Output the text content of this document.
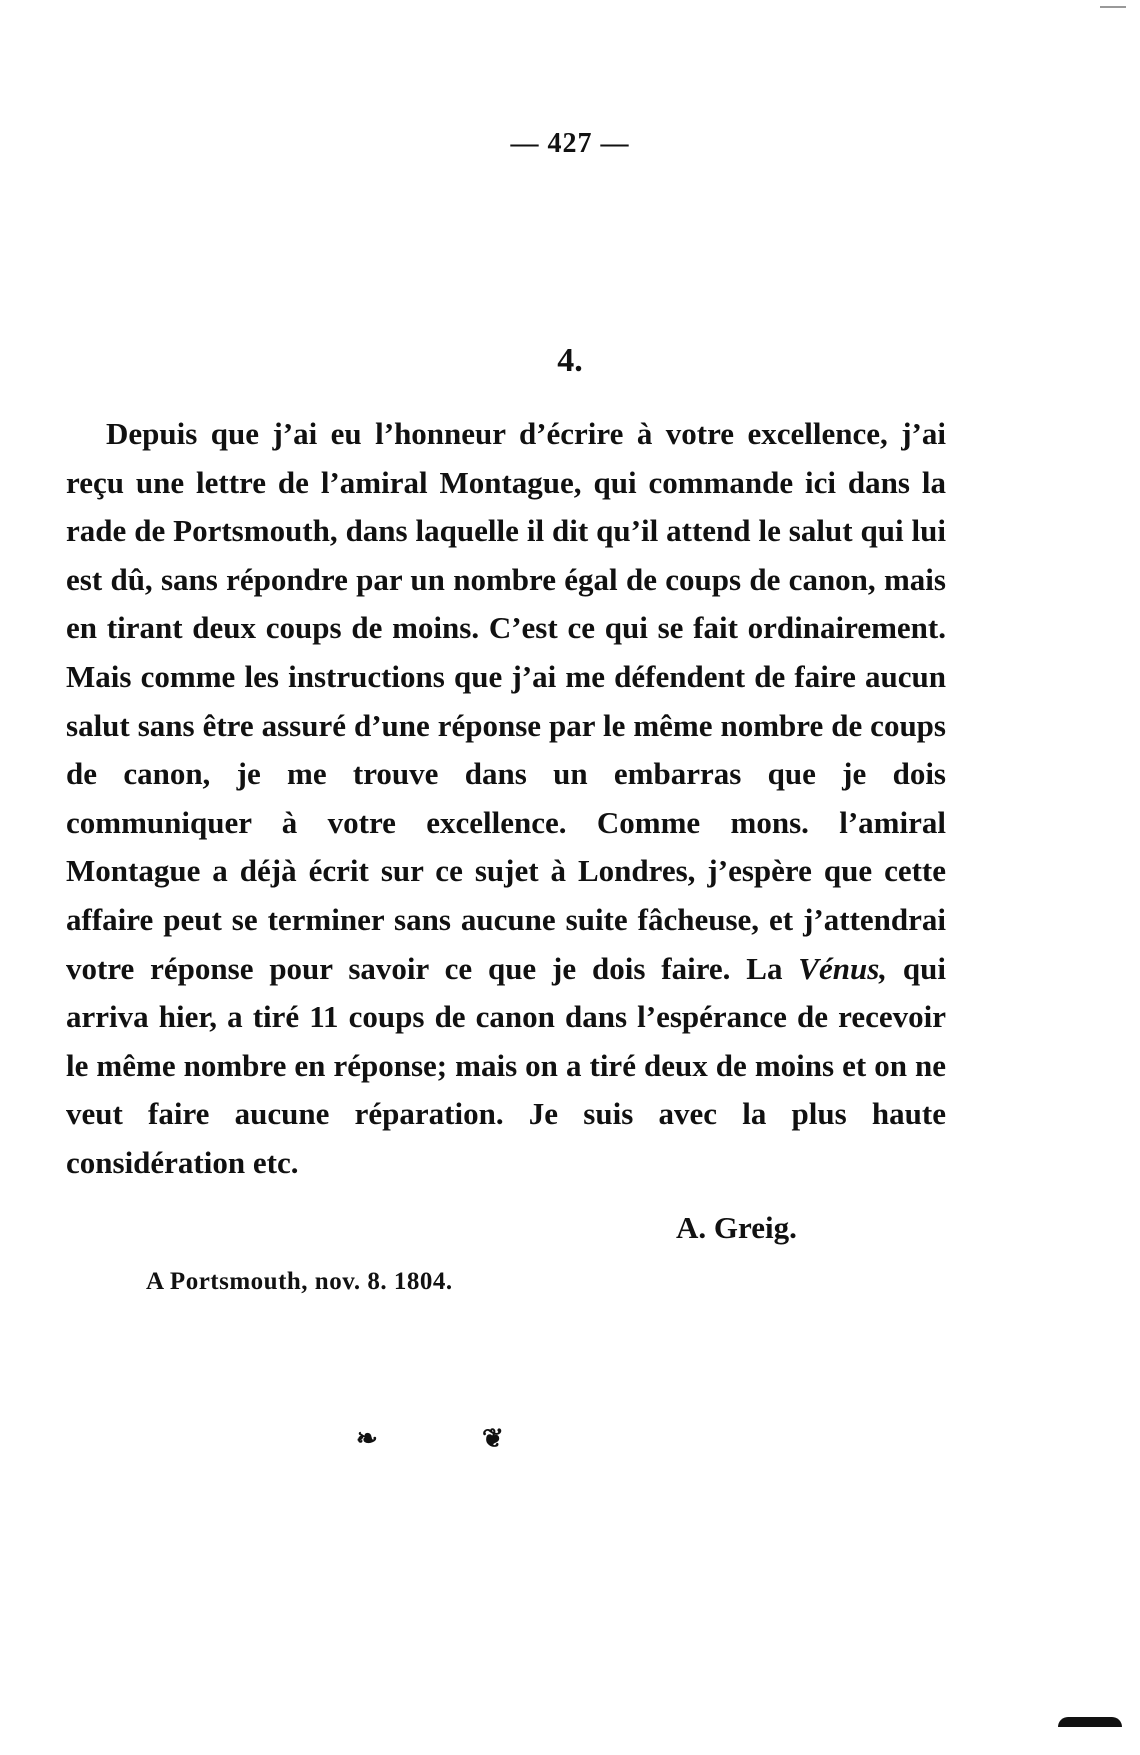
— 427 —
4.

Depuis que j’ai eu l’honneur d’écrire à votre excellence, j’ai reçu une lettre de l’amiral Montague, qui commande ici dans la rade de Portsmouth, dans laquelle il dit qu’il attend le salut qui lui est dû, sans répondre par un nombre égal de coups de canon, mais en tirant deux coups de moins. C’est ce qui se fait ordinairement. Mais comme les instructions que j’ai me défendent de faire aucun salut sans être assuré d’une réponse par le même nombre de coups de canon, je me trouve dans un embarras que je dois communiquer à votre excellence. Comme mons. l’amiral Montague a déjà écrit sur ce sujet à Londres, j’espère que cette affaire peut se terminer sans aucune suite fâcheuse, et j’attendrai votre réponse pour savoir ce que je dois faire. La Vénus, qui arriva hier, a tiré 11 coups de canon dans l’espérance de recevoir le même nombre en réponse; mais on a tiré deux de moins et on ne veut faire aucune réparation. Je suis avec la plus haute considération etc.

A. Greig.
A Portsmouth, nov. 8. 1804.
❧	❦
